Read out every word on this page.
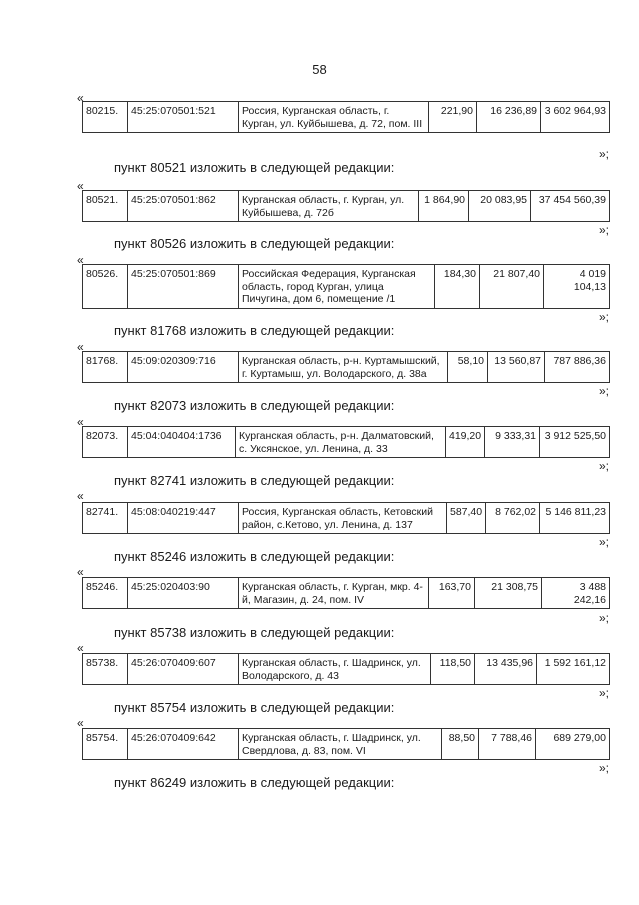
58
«
80215.	45:25:070501:521	Россия, Курганская область, г. Курган, ул. Куйбышева, д. 72, пом. III	221,90	16 236,89	3 602 964,93
»;
пункт 80521 изложить в следующей редакции:
«
80521.	45:25:070501:862	Курганская область, г. Курган, ул. Куйбышева, д. 72б	1 864,90	20 083,95	37 454 560,39
»;
пункт 80526 изложить в следующей редакции:
«
80526.	45:25:070501:869	Российская Федерация, Курганская область, город Курган, улица Пичугина, дом 6, помещение /1	184,30	21 807,40	4 019 104,13
»;
пункт 81768 изложить в следующей редакции:
«
81768.	45:09:020309:716	Курганская область, р-н. Куртамышский, г. Куртамыш, ул. Володарского, д. 38а	58,10	13 560,87	787 886,36
»;
пункт 82073 изложить в следующей редакции:
«
82073.	45:04:040404:1736	Курганская область, р-н. Далматовский, с. Уксянское, ул. Ленина, д. 33	419,20	9 333,31	3 912 525,50
»;
пункт 82741 изложить в следующей редакции:
«
82741.	45:08:040219:447	Россия, Курганская область, Кетовский район, с.Кетово, ул. Ленина, д. 137	587,40	8 762,02	5 146 811,23
»;
пункт 85246 изложить в следующей редакции:
«
85246.	45:25:020403:90	Курганская область, г. Курган, мкр. 4-й, Магазин, д. 24, пом. IV	163,70	21 308,75	3 488 242,16
»;
пункт 85738 изложить в следующей редакции:
«
85738.	45:26:070409:607	Курганская область, г. Шадринск, ул. Володарского, д. 43	118,50	13 435,96	1 592 161,12
»;
пункт 85754 изложить в следующей редакции:
«
85754.	45:26:070409:642	Курганская область, г. Шадринск, ул. Свердлова, д. 83, пом. VI	88,50	7 788,46	689 279,00
»;
пункт 86249 изложить в следующей редакции:
